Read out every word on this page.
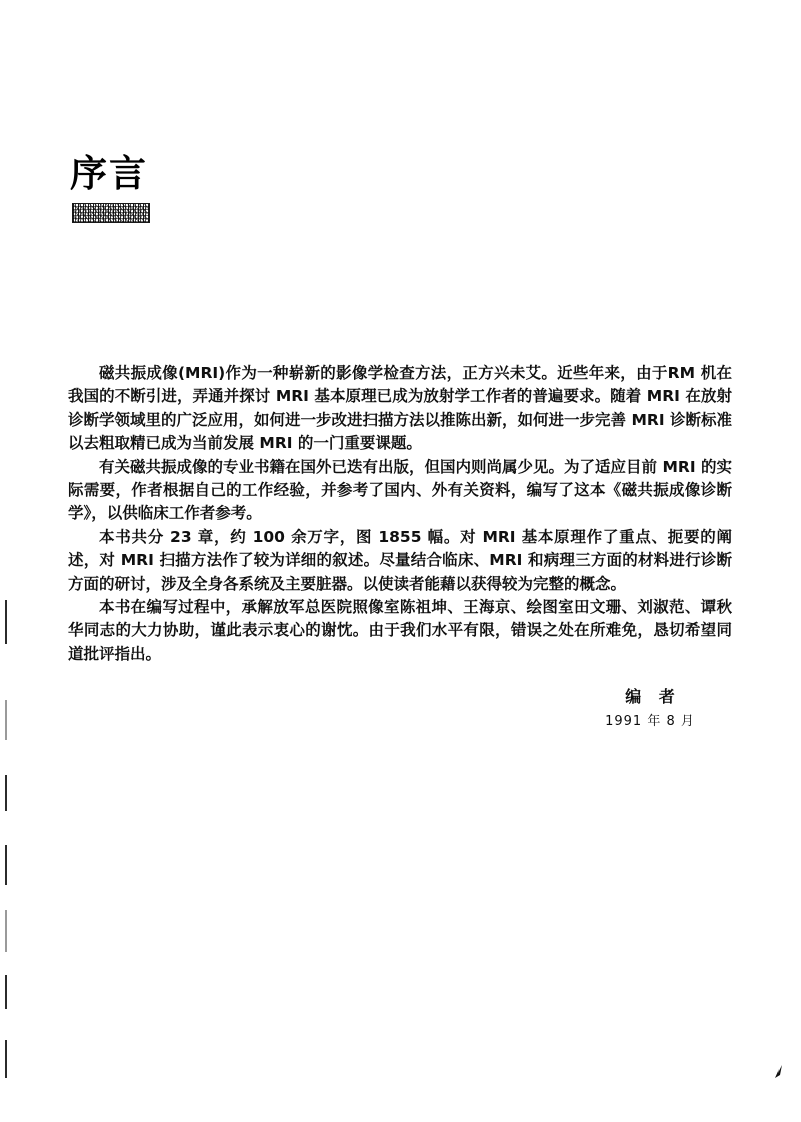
序言

磁共振成像(MRI)作为一种崭新的影像学检查方法，正方兴未艾。近些年来，由于RM 机在我国的不断引进，弄通并探讨 MRI 基本原理已成为放射学工作者的普遍要求。随着 MRI 在放射诊断学领域里的广泛应用，如何进一步改进扫描方法以推陈出新，如何进一步完善 MRI 诊断标准以去粗取精已成为当前发展 MRI 的一门重要课题。

有关磁共振成像的专业书籍在国外已迭有出版，但国内则尚属少见。为了适应目前 MRI 的实际需要，作者根据自己的工作经验，并参考了国内、外有关资料，编写了这本《磁共振成像诊断学》，以供临床工作者参考。

本书共分 23 章，约 100 余万字，图 1855 幅。对 MRI 基本原理作了重点、扼要的阐述，对 MRI 扫描方法作了较为详细的叙述。尽量结合临床、MRI 和病理三方面的材料进行诊断方面的研讨，涉及全身各系统及主要脏器。以使读者能藉以获得较为完整的概念。

本书在编写过程中，承解放军总医院照像室陈祖坤、王海京、绘图室田文珊、刘淑范、谭秋华同志的大力协助，谨此表示衷心的谢忱。由于我们水平有限，错误之处在所难免，恳切希望同道批评指出。

编 者
1991 年 8 月
